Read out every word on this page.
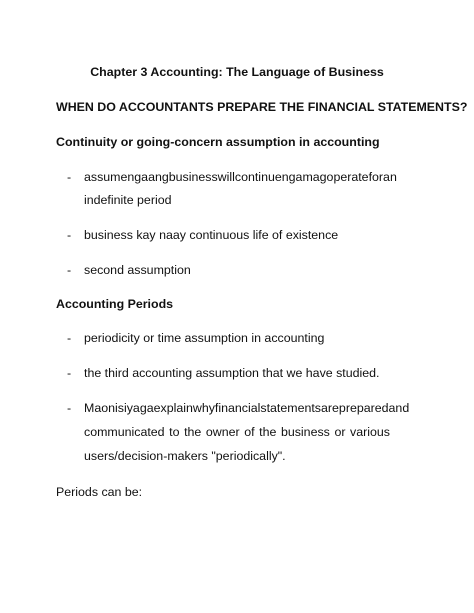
Chapter 3 Accounting: The Language of Business
WHEN DO ACCOUNTANTS PREPARE THE FINANCIAL STATEMENTS?
Continuity or going-concern assumption in accounting
- assume nga ang business will continue nga mag operate for an
indefinite period
- business kay naay continuous life of existence
- second assumption
Accounting Periods
- periodicity or time assumption in accounting
- the third accounting assumption that we have studied.
- Mao ni siya ga explain why financial statements are prepared and
communicated to the owner of the business or various
users/decision-makers "periodically".
Periods can be:
